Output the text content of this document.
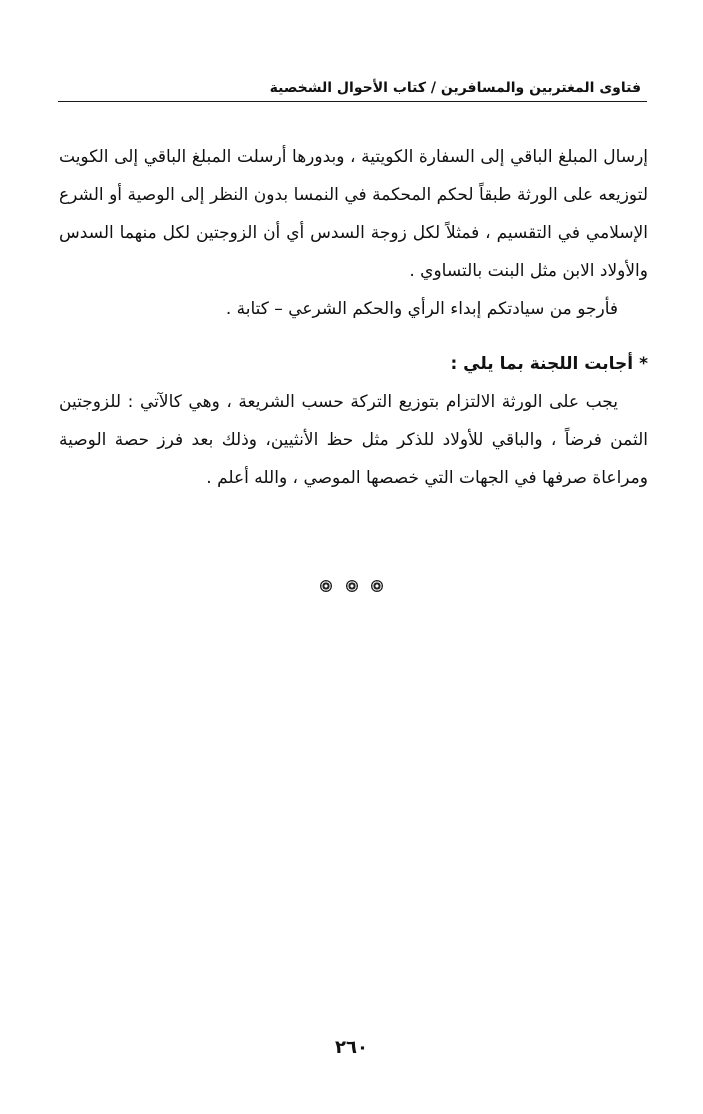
فتاوى المغتربين والمسافرين / كتاب الأحوال الشخصية

إرسال المبلغ الباقي إلى السفارة الكويتية ، وبدورها أرسلت المبلغ الباقي إلى الكويت لتوزيعه على الورثة طبقاً لحكم المحكمة في النمسا بدون النظر إلى الوصية أو الشرع الإسلامي في التقسيم ، فمثلاً لكل زوجة السدس أي أن الزوجتين لكل منهما السدس والأولاد الابن مثل البنت بالتساوي .

فأرجو من سيادتكم إبداء الرأي والحكم الشرعي – كتابة .

*أجابت اللجنة بما يلي :

يجب على الورثة الالتزام بتوزيع التركة حسب الشريعة ، وهي كالآتي : للزوجتين الثمن فرضاً ، والباقي للأولاد للذكر مثل حظ الأنثيين، وذلك بعد فرز حصة الوصية ومراعاة صرفها في الجهات التي خصصها الموصي ، والله أعلم .

٢٦٠
